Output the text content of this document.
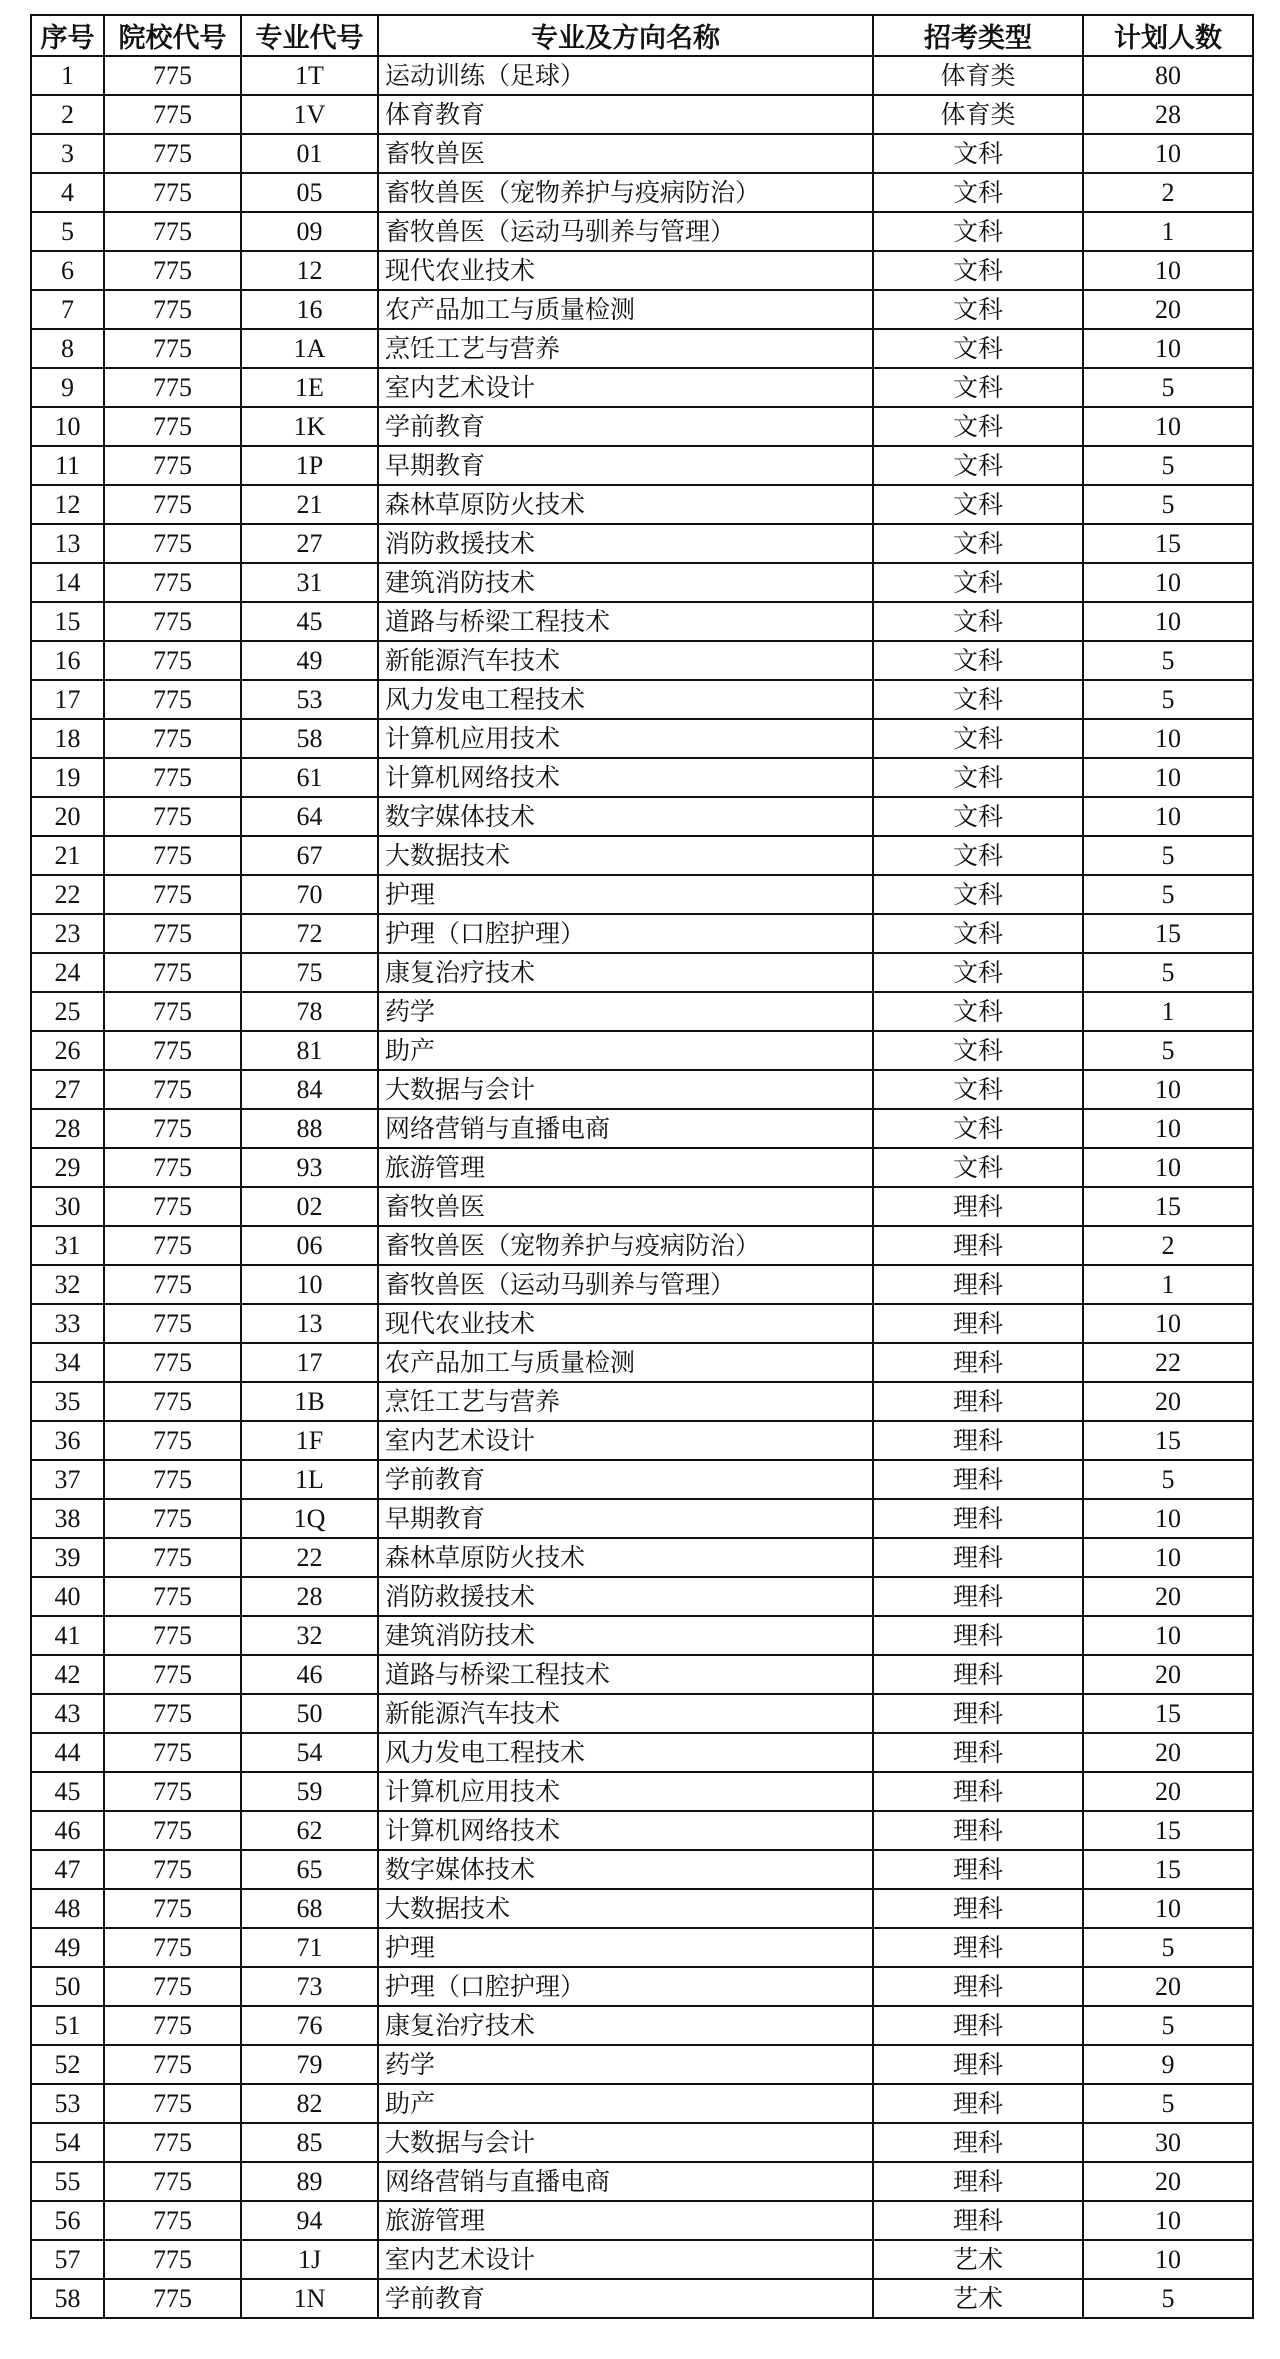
序号	院校代号	专业代号	专业及方向名称	招考类型	计划人数
1	775	1T	运动训练（足球）	体育类	80
2	775	1V	体育教育	体育类	28
3	775	01	畜牧兽医	文科	10
4	775	05	畜牧兽医（宠物养护与疫病防治）	文科	2
5	775	09	畜牧兽医（运动马驯养与管理）	文科	1
6	775	12	现代农业技术	文科	10
7	775	16	农产品加工与质量检测	文科	20
8	775	1A	烹饪工艺与营养	文科	10
9	775	1E	室内艺术设计	文科	5
10	775	1K	学前教育	文科	10
11	775	1P	早期教育	文科	5
12	775	21	森林草原防火技术	文科	5
13	775	27	消防救援技术	文科	15
14	775	31	建筑消防技术	文科	10
15	775	45	道路与桥梁工程技术	文科	10
16	775	49	新能源汽车技术	文科	5
17	775	53	风力发电工程技术	文科	5
18	775	58	计算机应用技术	文科	10
19	775	61	计算机网络技术	文科	10
20	775	64	数字媒体技术	文科	10
21	775	67	大数据技术	文科	5
22	775	70	护理	文科	5
23	775	72	护理（口腔护理）	文科	15
24	775	75	康复治疗技术	文科	5
25	775	78	药学	文科	1
26	775	81	助产	文科	5
27	775	84	大数据与会计	文科	10
28	775	88	网络营销与直播电商	文科	10
29	775	93	旅游管理	文科	10
30	775	02	畜牧兽医	理科	15
31	775	06	畜牧兽医（宠物养护与疫病防治）	理科	2
32	775	10	畜牧兽医（运动马驯养与管理）	理科	1
33	775	13	现代农业技术	理科	10
34	775	17	农产品加工与质量检测	理科	22
35	775	1B	烹饪工艺与营养	理科	20
36	775	1F	室内艺术设计	理科	15
37	775	1L	学前教育	理科	5
38	775	1Q	早期教育	理科	10
39	775	22	森林草原防火技术	理科	10
40	775	28	消防救援技术	理科	20
41	775	32	建筑消防技术	理科	10
42	775	46	道路与桥梁工程技术	理科	20
43	775	50	新能源汽车技术	理科	15
44	775	54	风力发电工程技术	理科	20
45	775	59	计算机应用技术	理科	20
46	775	62	计算机网络技术	理科	15
47	775	65	数字媒体技术	理科	15
48	775	68	大数据技术	理科	10
49	775	71	护理	理科	5
50	775	73	护理（口腔护理）	理科	20
51	775	76	康复治疗技术	理科	5
52	775	79	药学	理科	9
53	775	82	助产	理科	5
54	775	85	大数据与会计	理科	30
55	775	89	网络营销与直播电商	理科	20
56	775	94	旅游管理	理科	10
57	775	1J	室内艺术设计	艺术	10
58	775	1N	学前教育	艺术	5
